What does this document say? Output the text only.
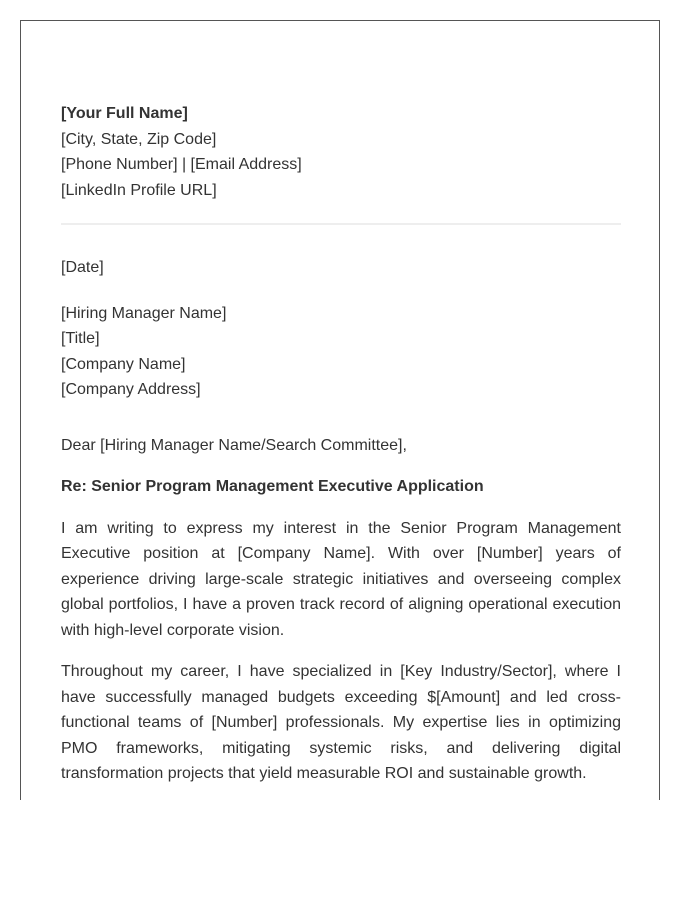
[Your Full Name]
[City, State, Zip Code]
[Phone Number] | [Email Address]
[LinkedIn Profile URL]
[Date]
[Hiring Manager Name]
[Title]
[Company Name]
[Company Address]
Dear [Hiring Manager Name/Search Committee],
Re: Senior Program Management Executive Application

I am writing to express my interest in the Senior Program Management Executive position at [Company Name]. With over [Number] years of experience driving large-scale strategic initiatives and overseeing complex global portfolios, I have a proven track record of aligning operational execution with high-level corporate vision.

Throughout my career, I have specialized in [Key Industry/Sector], where I have successfully managed budgets exceeding $[Amount] and led cross-functional teams of [Number] professionals. My expertise lies in optimizing PMO frameworks, mitigating systemic risks, and delivering digital transformation projects that yield measurable ROI and sustainable growth.
